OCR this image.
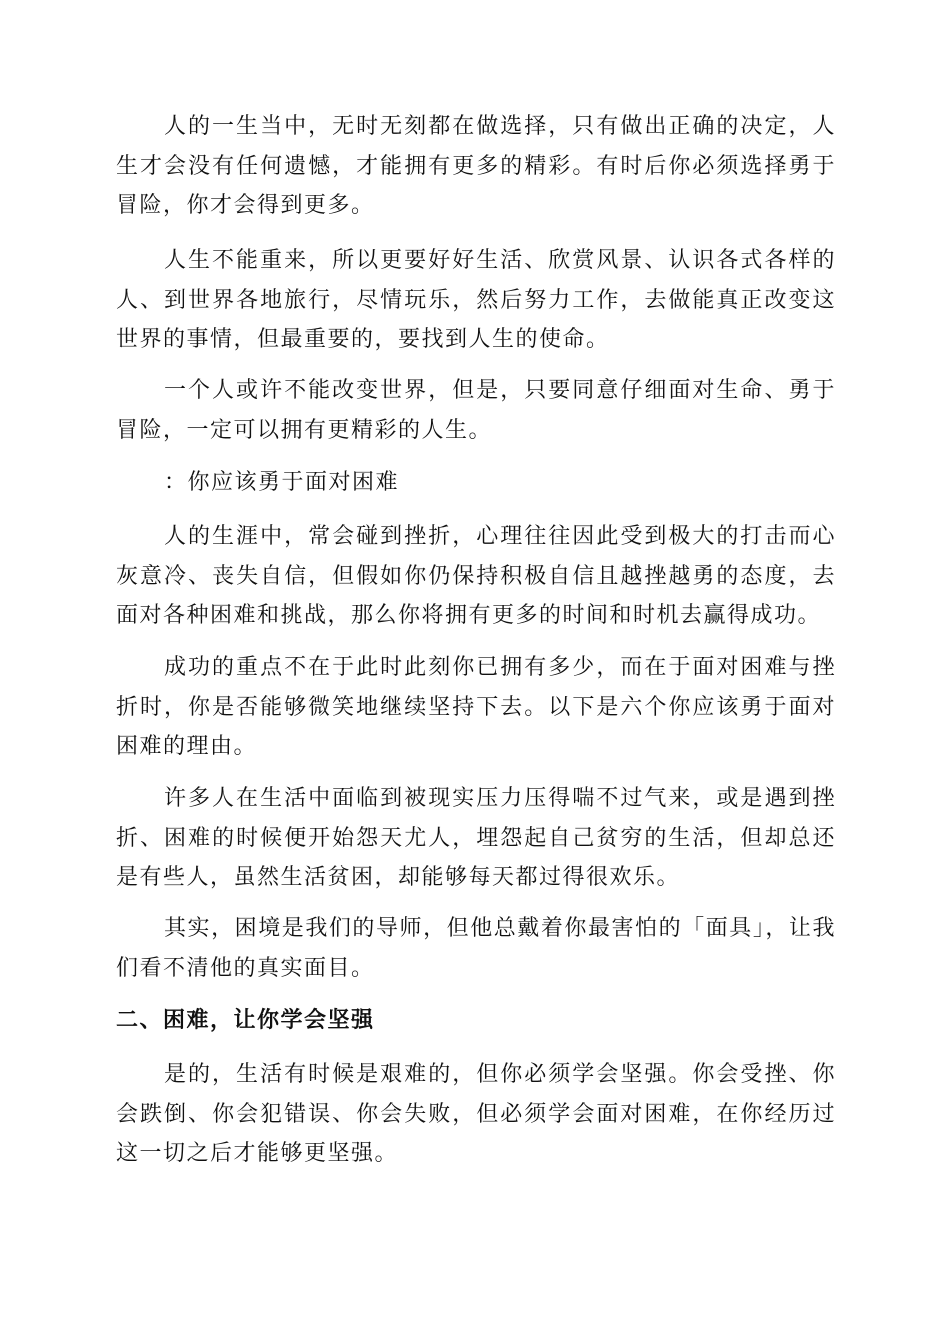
人的一生当中，无时无刻都在做选择，只有做出正确的决定，人生才会没有任何遗憾，才能拥有更多的精彩。有时后你必须选择勇于冒险，你才会得到更多。

人生不能重来，所以更要好好生活、欣赏风景、认识各式各样的人、到世界各地旅行，尽情玩乐，然后努力工作，去做能真正改变这世界的事情，但最重要的，要找到人生的使命。

一个人或许不能改变世界，但是，只要同意仔细面对生命、勇于冒险，一定可以拥有更精彩的人生。

：你应该勇于面对困难

人的生涯中，常会碰到挫折，心理往往因此受到极大的打击而心灰意冷、丧失自信，但假如你仍保持积极自信且越挫越勇的态度，去面对各种困难和挑战，那么你将拥有更多的时间和时机去赢得成功。

成功的重点不在于此时此刻你已拥有多少，而在于面对困难与挫折时，你是否能够微笑地继续坚持下去。以下是六个你应该勇于面对困难的理由。

许多人在生活中面临到被现实压力压得喘不过气来，或是遇到挫折、困难的时候便开始怨天尤人，埋怨起自己贫穷的生活，但却总还是有些人，虽然生活贫困，却能够每天都过得很欢乐。

其实，困境是我们的导师，但他总戴着你最害怕的「面具」，让我们看不清他的真实面目。

二、困难，让你学会坚强

是的，生活有时候是艰难的，但你必须学会坚强。你会受挫、你会跌倒、你会犯错误、你会失败，但必须学会面对困难，在你经历过这一切之后才能够更坚强。
